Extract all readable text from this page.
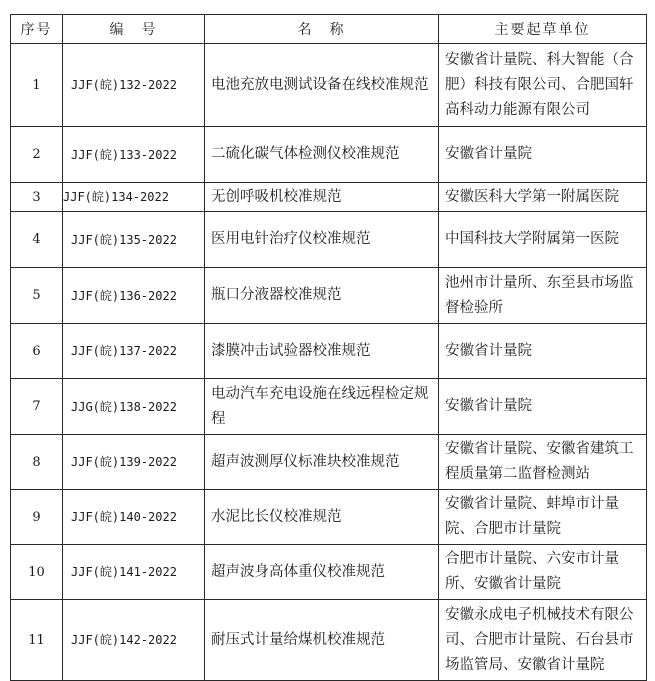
序号	编　号	名　称	主要起草单位
1	JJF(皖)132-2022	电池充放电测试设备在线校准规范	安徽省计量院、科大智能（合肥）科技有限公司、合肥国轩高科动力能源有限公司
2	JJF(皖)133-2022	二硫化碳气体检测仪校准规范	安徽省计量院
3	JJF(皖)134-2022	无创呼吸机校准规范	安徽医科大学第一附属医院
4	JJF(皖)135-2022	医用电针治疗仪校准规范	中国科技大学附属第一医院
5	JJF(皖)136-2022	瓶口分液器校准规范	池州市计量所、东至县市场监督检验所
6	JJF(皖)137-2022	漆膜冲击试验器校准规范	安徽省计量院
7	JJG(皖)138-2022	电动汽车充电设施在线远程检定规程	安徽省计量院
8	JJF(皖)139-2022	超声波测厚仪标准块校准规范	安徽省计量院、安徽省建筑工程质量第二监督检测站
9	JJF(皖)140-2022	水泥比长仪校准规范	安徽省计量院、蚌埠市计量院、合肥市计量院
10	JJF(皖)141-2022	超声波身高体重仪校准规范	合肥市计量院、六安市计量所、安徽省计量院
11	JJF(皖)142-2022	耐压式计量给煤机校准规范	安徽永成电子机械技术有限公司、合肥市计量院、石台县市场监管局、安徽省计量院
